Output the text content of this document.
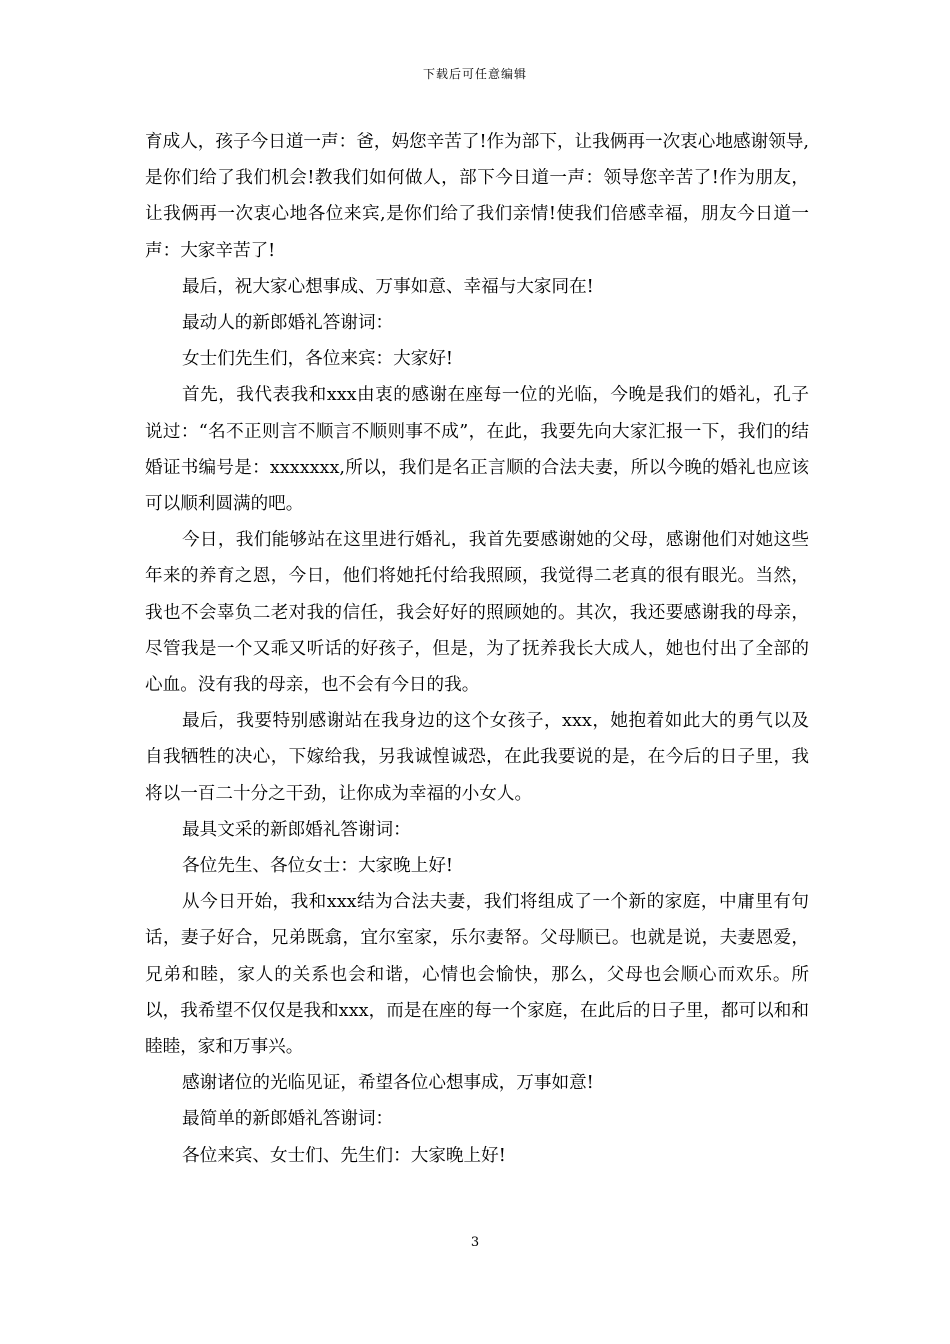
下载后可任意编辑

育成人，孩子今日道一声：爸，妈您辛苦了!作为部下，让我俩再一次衷心地感谢领导,是你们给了我们机会!教我们如何做人，部下今日道一声：领导您辛苦了!作为朋友，让我俩再一次衷心地各位来宾,是你们给了我们亲情!使我们倍感幸福，朋友今日道一声：大家辛苦了!

最后，祝大家心想事成、万事如意、幸福与大家同在!

最动人的新郎婚礼答谢词：

女士们先生们，各位来宾：大家好!

首先，我代表我和xxx由衷的感谢在座每一位的光临，今晚是我们的婚礼，孔子说过：“名不正则言不顺言不顺则事不成”，在此，我要先向大家汇报一下，我们的结婚证书编号是：xxxxxxx,所以，我们是名正言顺的合法夫妻，所以今晚的婚礼也应该可以顺利圆满的吧。

今日，我们能够站在这里进行婚礼，我首先要感谢她的父母，感谢他们对她这些年来的养育之恩，今日，他们将她托付给我照顾，我觉得二老真的很有眼光。当然，我也不会辜负二老对我的信任，我会好好的照顾她的。其次，我还要感谢我的母亲，尽管我是一个又乖又听话的好孩子，但是，为了抚养我长大成人，她也付出了全部的心血。没有我的母亲，也不会有今日的我。

最后，我要特别感谢站在我身边的这个女孩子，xxx，她抱着如此大的勇气以及自我牺牲的决心，下嫁给我，另我诚惶诚恐，在此我要说的是，在今后的日子里，我将以一百二十分之干劲，让你成为幸福的小女人。

最具文采的新郎婚礼答谢词：

各位先生、各位女士：大家晚上好!

从今日开始，我和xxx结为合法夫妻，我们将组成了一个新的家庭，中庸里有句话，妻子好合，兄弟既翕，宜尔室家，乐尔妻帑。父母顺已。也就是说，夫妻恩爱，兄弟和睦，家人的关系也会和谐，心情也会愉快，那么，父母也会顺心而欢乐。所以，我希望不仅仅是我和xxx，而是在座的每一个家庭，在此后的日子里，都可以和和睦睦，家和万事兴。

感谢诸位的光临见证，希望各位心想事成，万事如意!

最简单的新郎婚礼答谢词：

各位来宾、女士们、先生们：大家晚上好!

3
